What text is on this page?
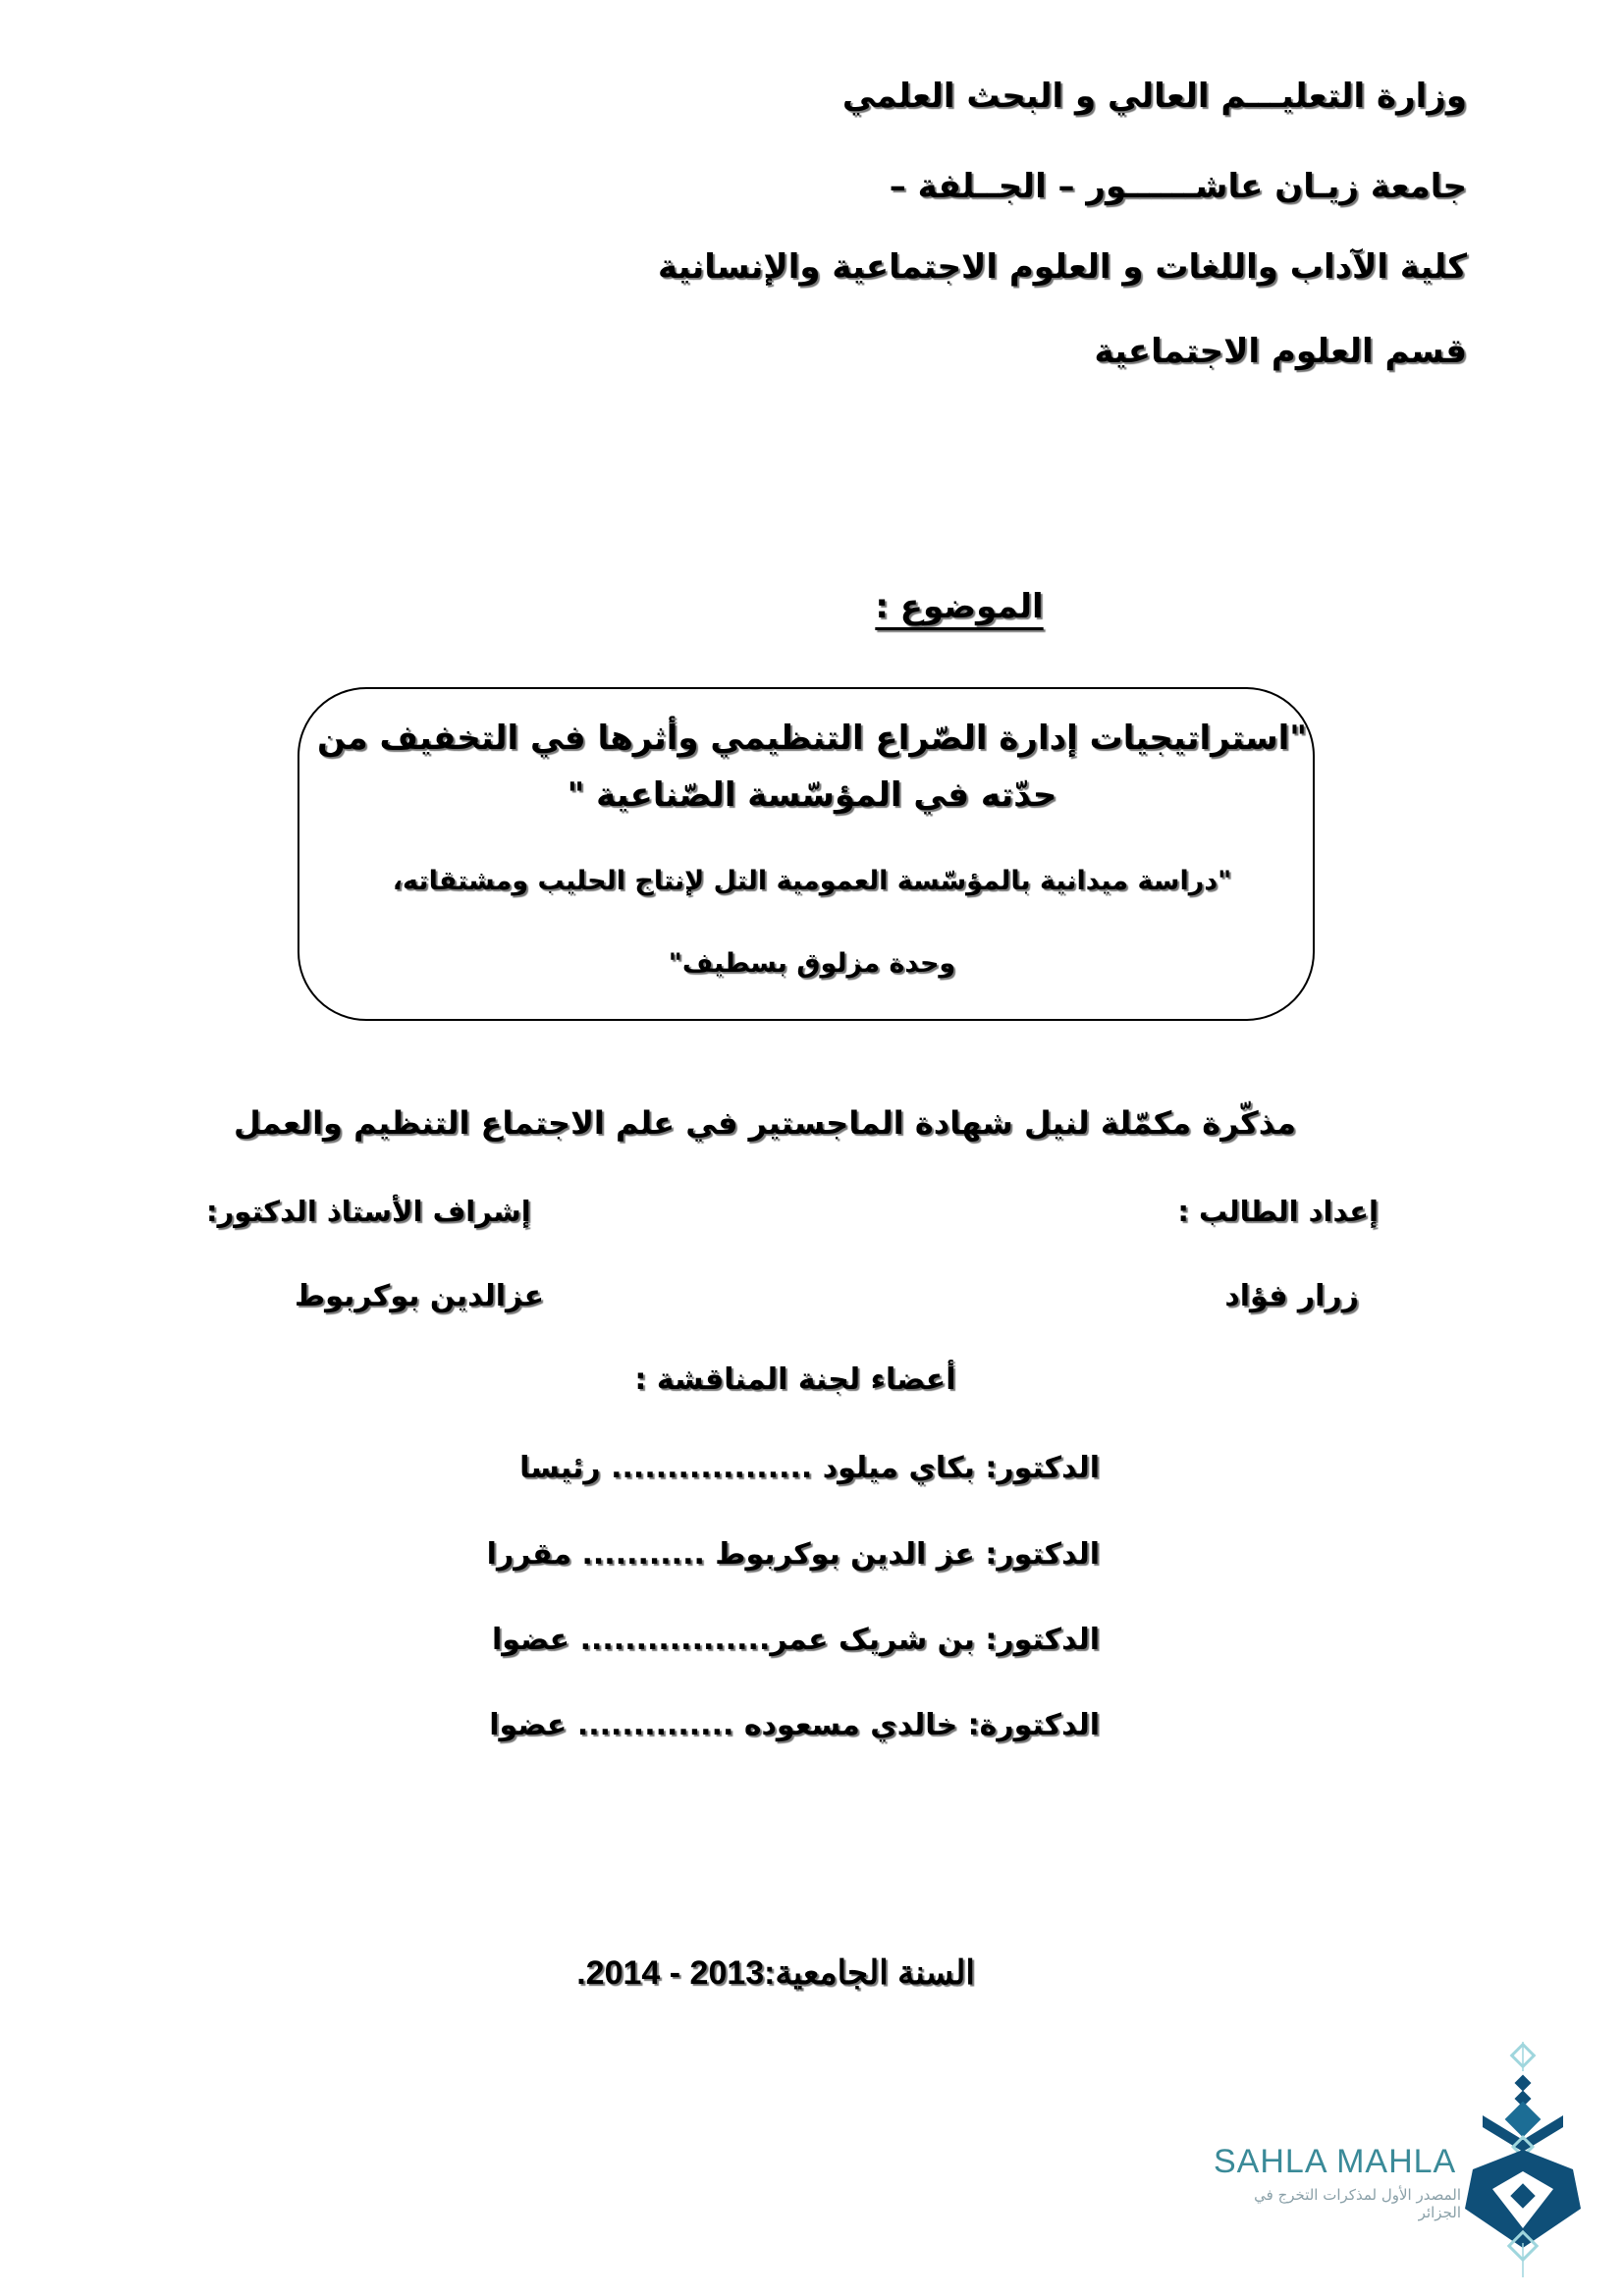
وزارة التعليـــم العالي و البحث العلمي
جامعة زيـان عاشــــــور – الجــلفة –
كلية الآداب واللغات و العلوم الاجتماعية والإنسانية
قسم العلوم الاجتماعية
الموضوع :
"استراتيجيات إدارة الصّراع التنظيمي وأثرها في التخفيف من
حدّته في المؤسّسة الصّناعية "
"دراسة ميدانية بالمؤسّسة العمومية التل لإنتاج الحليب ومشتقاته،
وحدة مزلوق بسطيف"
مذكّرة مكمّلة لنيل شهادة الماجستير في علم الاجتماع التنظيم والعمل
إعداد الطالب :
إشراف الأستاذ الدكتور:
زرار فؤاد
عزالدين بوكربوط
أعضاء لجنة المناقشة :
الدكتور: بكاي ميلود .................. رئيسا
الدكتور: عز الدين بوكربوط ........... مقررا
الدكتور: بن شريک عمر................. عضوا
الدكتورة: خالدي مسعوده .............. عضوا
السنة الجامعية:2013 - 2014.
SAHLA MAHLA
المصدر الأول لمذكرات التخرج في الجزائر
